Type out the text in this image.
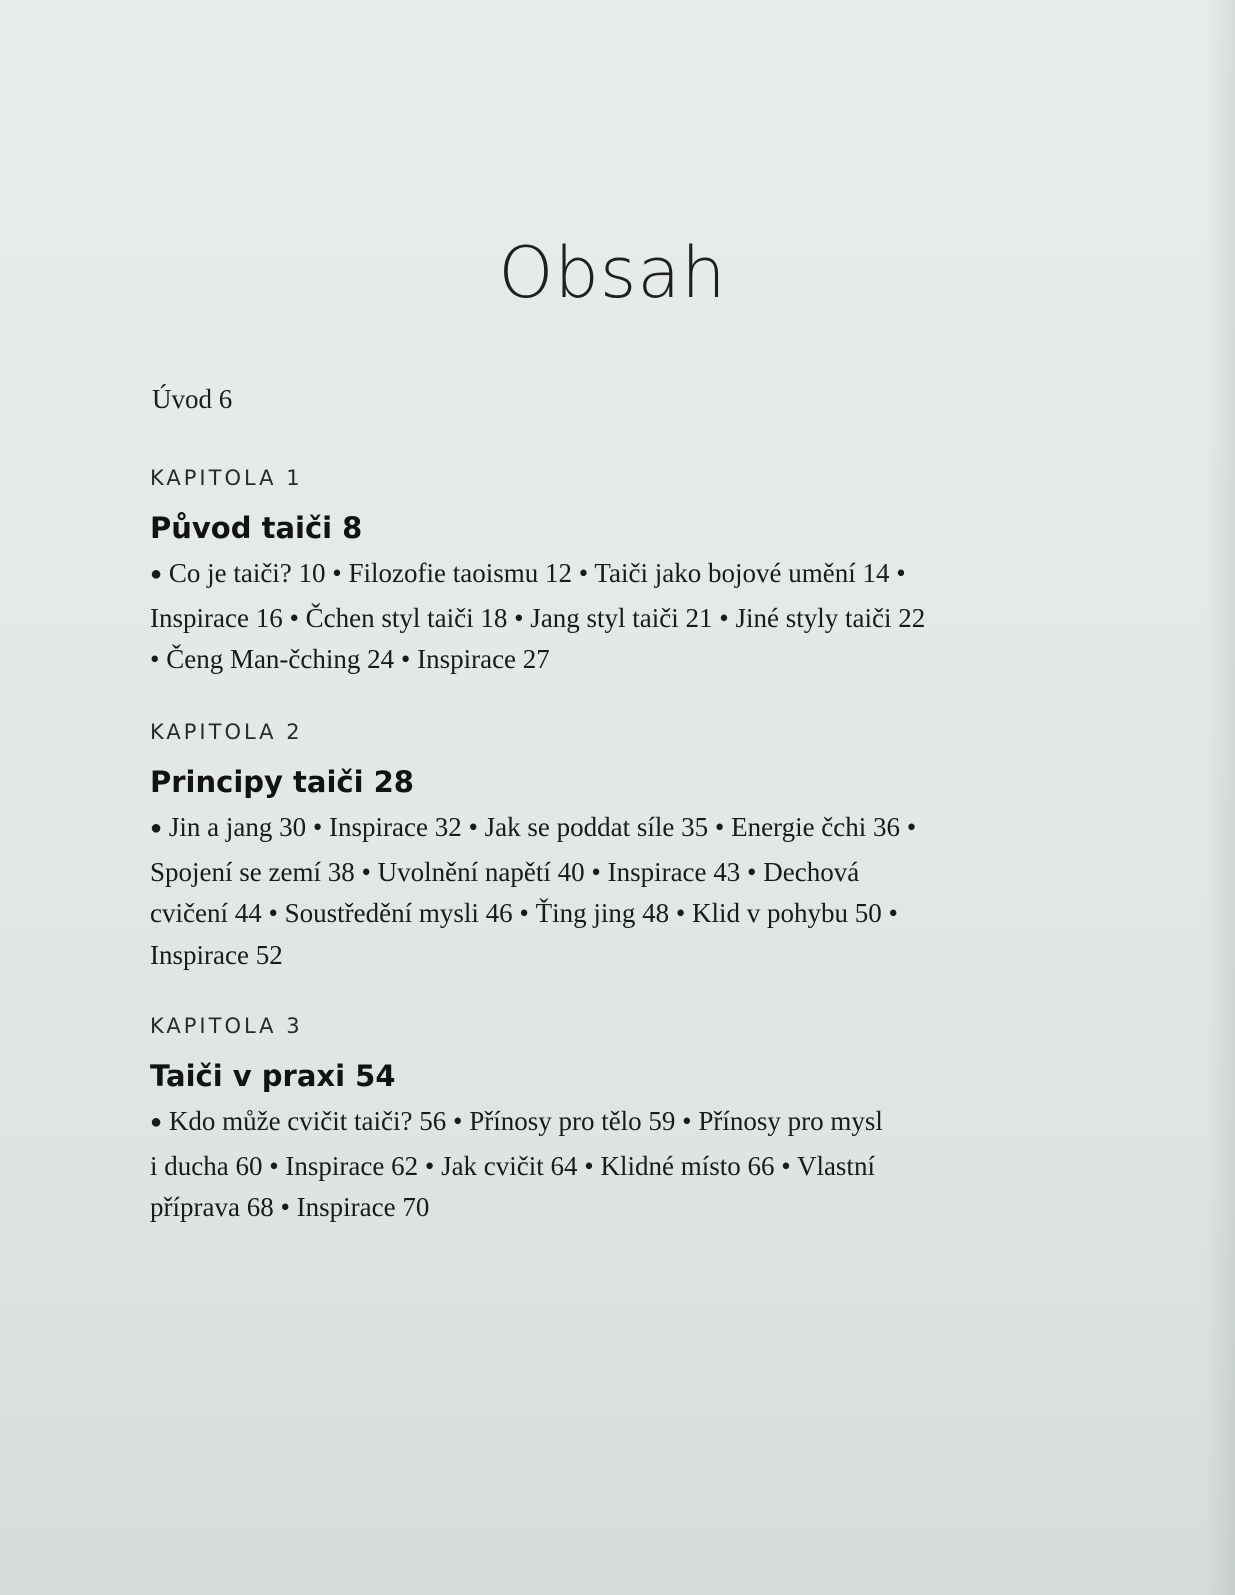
Obsah
Úvod 6
KAPITOLA 1
Původ taiči 8
● Co je taiči? 10 • Filozofie taoismu 12 • Taiči jako bojové umění 14 •
Inspirace 16 • Čchen styl taiči 18 • Jang styl taiči 21 • Jiné styly taiči 22
• Čeng Man-čching 24 • Inspirace 27
KAPITOLA 2
Principy taiči 28
● Jin a jang 30 • Inspirace 32 • Jak se poddat síle 35 • Energie čchi 36 •
Spojení se zemí 38 • Uvolnění napětí 40 • Inspirace 43 • Dechová
cvičení 44 • Soustředění mysli 46 • Ťing jing 48 • Klid v pohybu 50 •
Inspirace 52
KAPITOLA 3
Taiči v praxi 54
● Kdo může cvičit taiči? 56 • Přínosy pro tělo 59 • Přínosy pro mysl
i ducha 60 • Inspirace 62 • Jak cvičit 64 • Klidné místo 66 • Vlastní
příprava 68 • Inspirace 70
